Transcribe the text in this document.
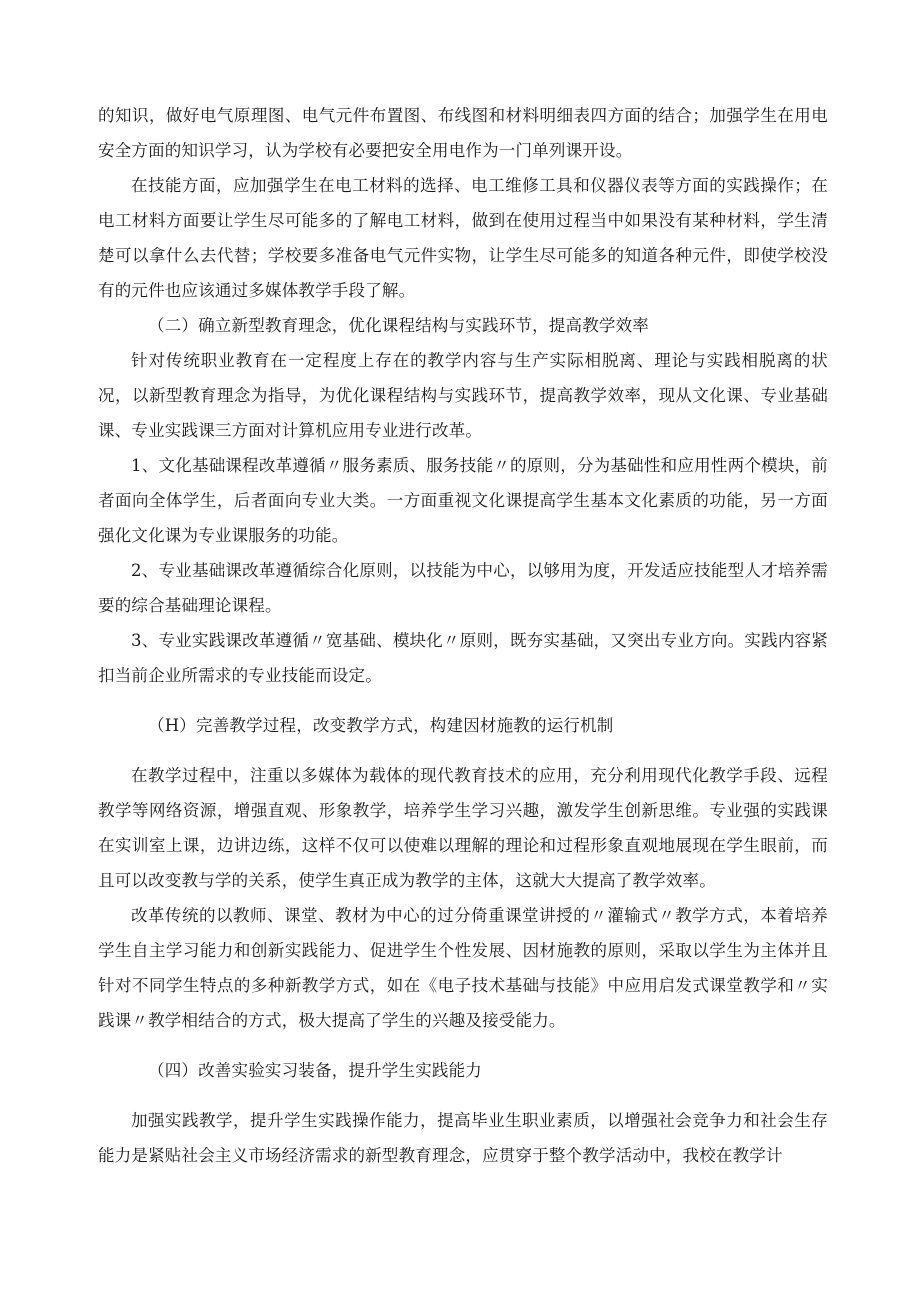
的知识，做好电气原理图、电气元件布置图、布线图和材料明细表四方面的结合；加强学生在用电安全方面的知识学习，认为学校有必要把安全用电作为一门单列课开设。

在技能方面，应加强学生在电工材料的选择、电工维修工具和仪器仪表等方面的实践操作；在电工材料方面要让学生尽可能多的了解电工材料，做到在使用过程当中如果没有某种材料，学生清楚可以拿什么去代替；学校要多准备电气元件实物，让学生尽可能多的知道各种元件，即使学校没有的元件也应该通过多媒体教学手段了解。

（二）确立新型教育理念，优化课程结构与实践环节，提高教学效率

针对传统职业教育在一定程度上存在的教学内容与生产实际相脱离、理论与实践相脱离的状况，以新型教育理念为指导，为优化课程结构与实践环节，提高教学效率，现从文化课、专业基础课、专业实践课三方面对计算机应用专业进行改革。

1、文化基础课程改革遵循〃服务素质、服务技能〃的原则，分为基础性和应用性两个模块，前者面向全体学生，后者面向专业大类。一方面重视文化课提高学生基本文化素质的功能，另一方面强化文化课为专业课服务的功能。

2、专业基础课改革遵循综合化原则，以技能为中心，以够用为度，开发适应技能型人才培养需要的综合基础理论课程。

3、专业实践课改革遵循〃宽基础、模块化〃原则，既夯实基础，又突出专业方向。实践内容紧扣当前企业所需求的专业技能而设定。

（H）完善教学过程，改变教学方式，构建因材施教的运行机制

在教学过程中，注重以多媒体为载体的现代教育技术的应用，充分利用现代化教学手段、远程教学等网络资源，增强直观、形象教学，培养学生学习兴趣，激发学生创新思维。专业强的实践课在实训室上课，边讲边练，这样不仅可以使难以理解的理论和过程形象直观地展现在学生眼前，而且可以改变教与学的关系，使学生真正成为教学的主体，这就大大提高了教学效率。

改革传统的以教师、课堂、教材为中心的过分倚重课堂讲授的〃灌输式〃教学方式，本着培养学生自主学习能力和创新实践能力、促进学生个性发展、因材施教的原则，采取以学生为主体并且针对不同学生特点的多种新教学方式，如在《电子技术基础与技能》中应用启发式课堂教学和〃实践课〃教学相结合的方式，极大提高了学生的兴趣及接受能力。

（四）改善实验实习装备，提升学生实践能力

加强实践教学，提升学生实践操作能力，提高毕业生职业素质，以增强社会竞争力和社会生存能力是紧贴社会主义市场经济需求的新型教育理念，应贯穿于整个教学活动中，我校在教学计
